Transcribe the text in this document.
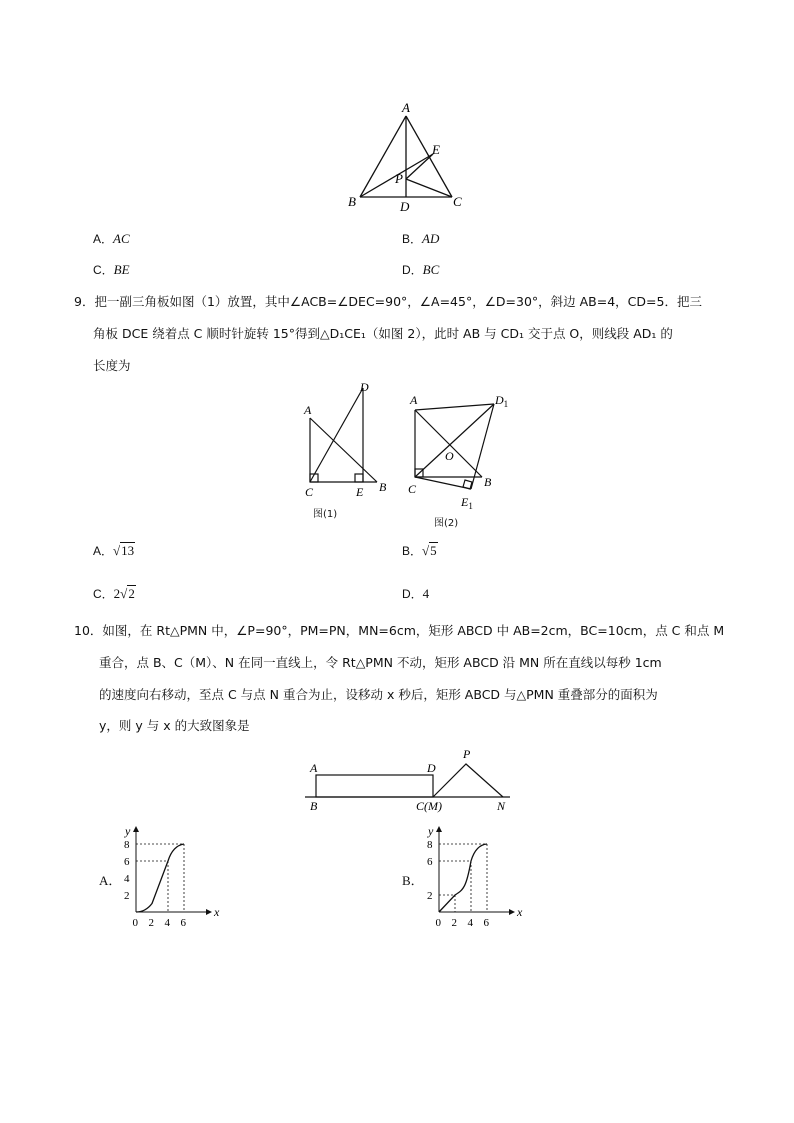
A
B	C
D
E
P
A．AC	B．AD
C．BE	D．BC
9．把一副三角板如图（1）放置，其中∠ACB=∠DEC=90°，∠A=45°，∠D=30°，斜边 AB=4，CD=5．把三
角板 DCE 绕着点 C 顺时针旋转 15°得到△D₁CE₁（如图 2），此时 AB 与 CD₁ 交于点 O，则线段 AD₁ 的
长度为
A
D
C	E B
图(1)
A	$D_1$
O
C	B
$E_1$
图(2)
A．√13	B．√5
C．2√2	D．4
10．如图，在 Rt△PMN 中，∠P=90°，PM=PN，MN=6cm，矩形 ABCD 中 AB=2cm，BC=10cm，点 C 和点 M
重合，点 B、C（M）、N 在同一直线上，令 Rt△PMN 不动，矩形 ABCD 沿 MN 所在直线以每秒 1cm
的速度向右移动，至点 C 与点 N 重合为止，设移动 x 秒后，矩形 ABCD 与△PMN 重叠部分的面积为
y，则 y 与 x 的大致图象是
A
B
D
C(M)
P
N
A．
x
y
0 2 4 6
2
4
6
8
B．
x
y
0 2 4 6
2
6
8
